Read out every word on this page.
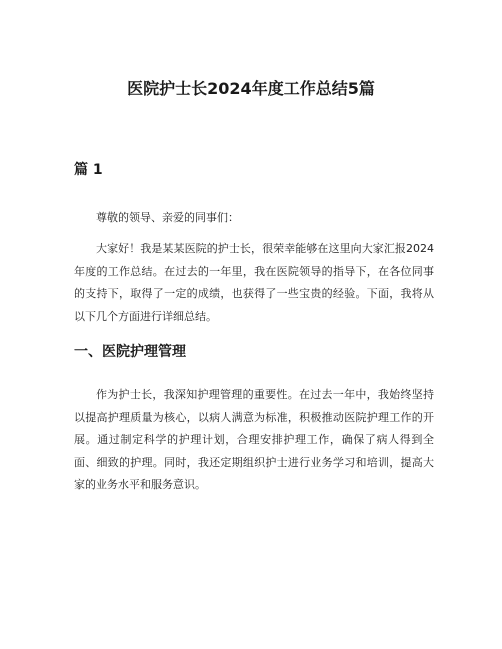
医院护士长2024年度工作总结5篇
篇 1

尊敬的领导、亲爱的同事们：

大家好！我是某某医院的护士长，很荣幸能够在这里向大家汇报2024年度的工作总结。在过去的一年里，我在医院领导的指导下，在各位同事的支持下，取得了一定的成绩，也获得了一些宝贵的经验。下面，我将从以下几个方面进行详细总结。

一、医院护理管理

作为护士长，我深知护理管理的重要性。在过去一年中，我始终坚持以提高护理质量为核心，以病人满意为标准，积极推动医院护理工作的开展。通过制定科学的护理计划，合理安排护理工作，确保了病人得到全面、细致的护理。同时，我还定期组织护士进行业务学习和培训，提高大家的业务水平和服务意识。
